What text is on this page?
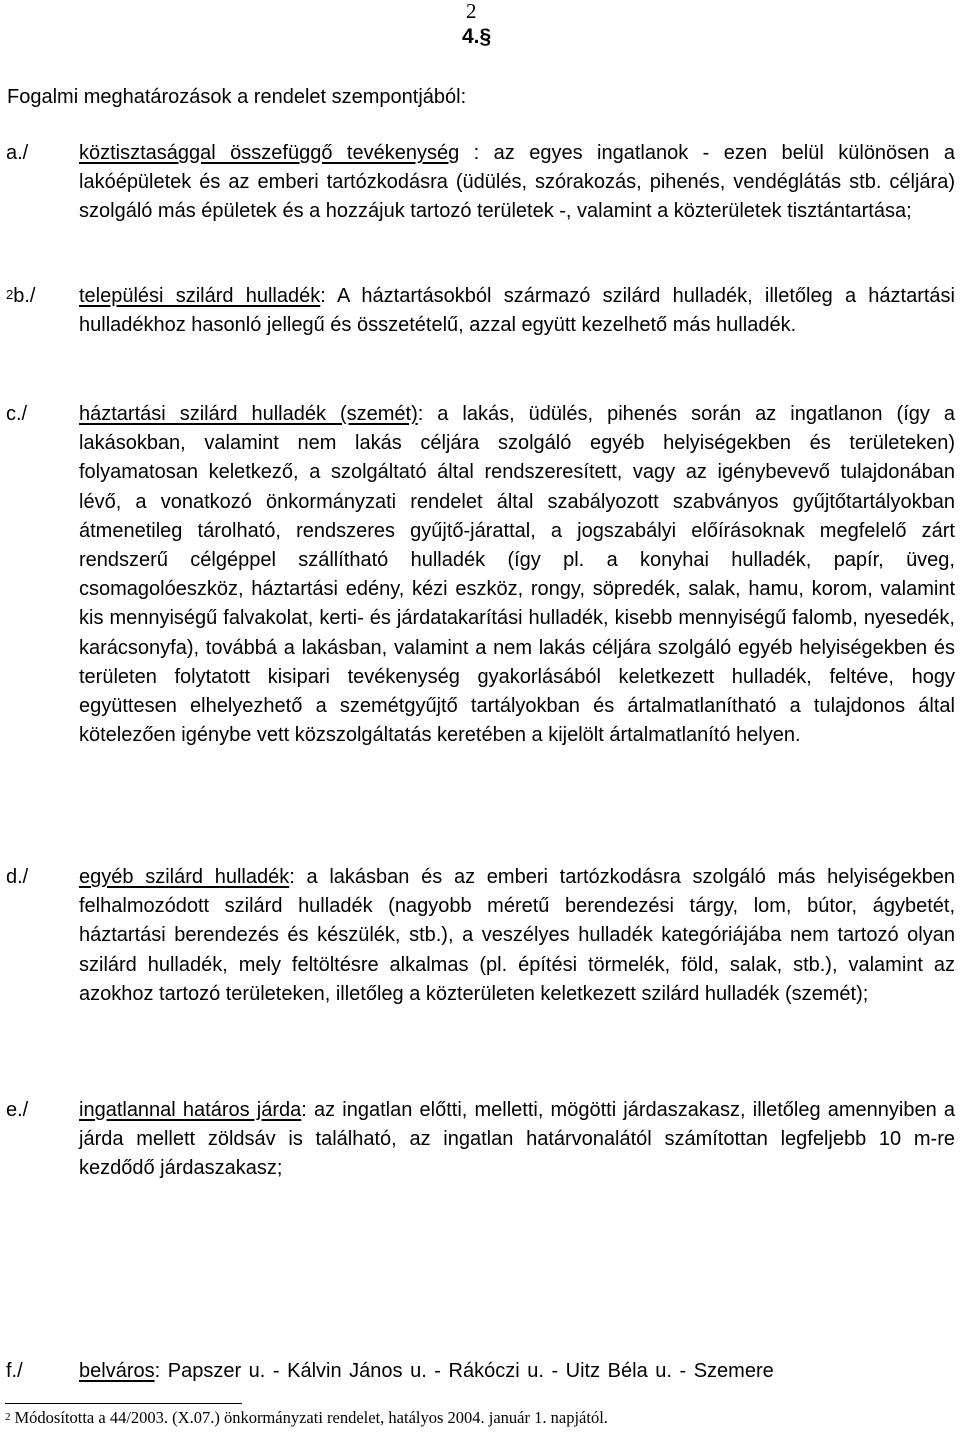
2
4.§
Fogalmi meghatározások a rendelet szempontjából:
a./	köztisztasággal összefüggő tevékenység : az egyes ingatlanok - ezen belül különösen a lakóépületek és az emberi tartózkodásra (üdülés, szórakozás, pihenés, vendéglátás stb. céljára) szolgáló más épületek és a hozzájuk tartozó területek -, valamint a közterületek tisztántartása;
$^2$b./ települési szilárd hulladék: A háztartásokból származó szilárd hulladék, illetőleg a háztartási hulladékhoz hasonló jellegű és összetételű, azzal együtt kezelhető más hulladék.
c./	háztartási szilárd hulladék (szemét): a lakás, üdülés, pihenés során az ingatlanon (így a lakásokban, valamint nem lakás céljára szolgáló egyéb helyiségekben és területeken) folyamatosan keletkező, a szolgáltató által rendszeresített, vagy az igénybevevő tulajdonában lévő, a vonatkozó önkormányzati rendelet által szabályozott szabványos gyűjtőtartályokban átmenetileg tárolható, rendszeres gyűjtő-járattal, a jogszabályi előírásoknak megfelelő zárt rendszerű célgéppel szállítható hulladék (így pl. a konyhai hulladék, papír, üveg, csomagolóeszköz, háztartási edény, kézi eszköz, rongy, söpredék, salak, hamu, korom, valamint kis mennyiségű falvakolat, kerti- és járdatakarítási hulladék, kisebb mennyiségű falomb, nyesedék, karácsonyfa), továbbá a lakásban, valamint a nem lakás céljára szolgáló egyéb helyiségekben és területen folytatott kisipari tevékenység gyakorlásából keletkezett hulladék, feltéve, hogy együttesen elhelyezhető a szemétgyűjtő tartályokban és ártalmatlanítható a tulajdonos által kötelezően igénybe vett közszolgáltatás keretében a kijelölt ártalmatlanító helyen.
d./	egyéb szilárd hulladék: a lakásban és az emberi tartózkodásra szolgáló más helyiségekben felhalmozódott szilárd hulladék (nagyobb méretű berendezési tárgy, lom, bútor, ágybetét, háztartási berendezés és készülék, stb.), a veszélyes hulladék kategóriájába nem tartozó olyan szilárd hulladék, mely feltöltésre alkalmas (pl. építési törmelék, föld, salak, stb.), valamint az azokhoz tartozó területeken, illetőleg a közterületen keletkezett szilárd hulladék (szemét);
e./	ingatlannal határos járda: az ingatlan előtti, melletti, mögötti járdaszakasz, illetőleg amennyiben a járda mellett zöldsáv is található, az ingatlan határvonalától számítottan legfeljebb 10 m-re kezdődő járdaszakasz;
f./	belváros: Papszer u. - Kálvin János u. - Rákóczi u. - Uitz Béla u. - Szemere
$^2$ Módosította a 44/2003. (X.07.) önkormányzati rendelet, hatályos 2004. január 1. napjától.
